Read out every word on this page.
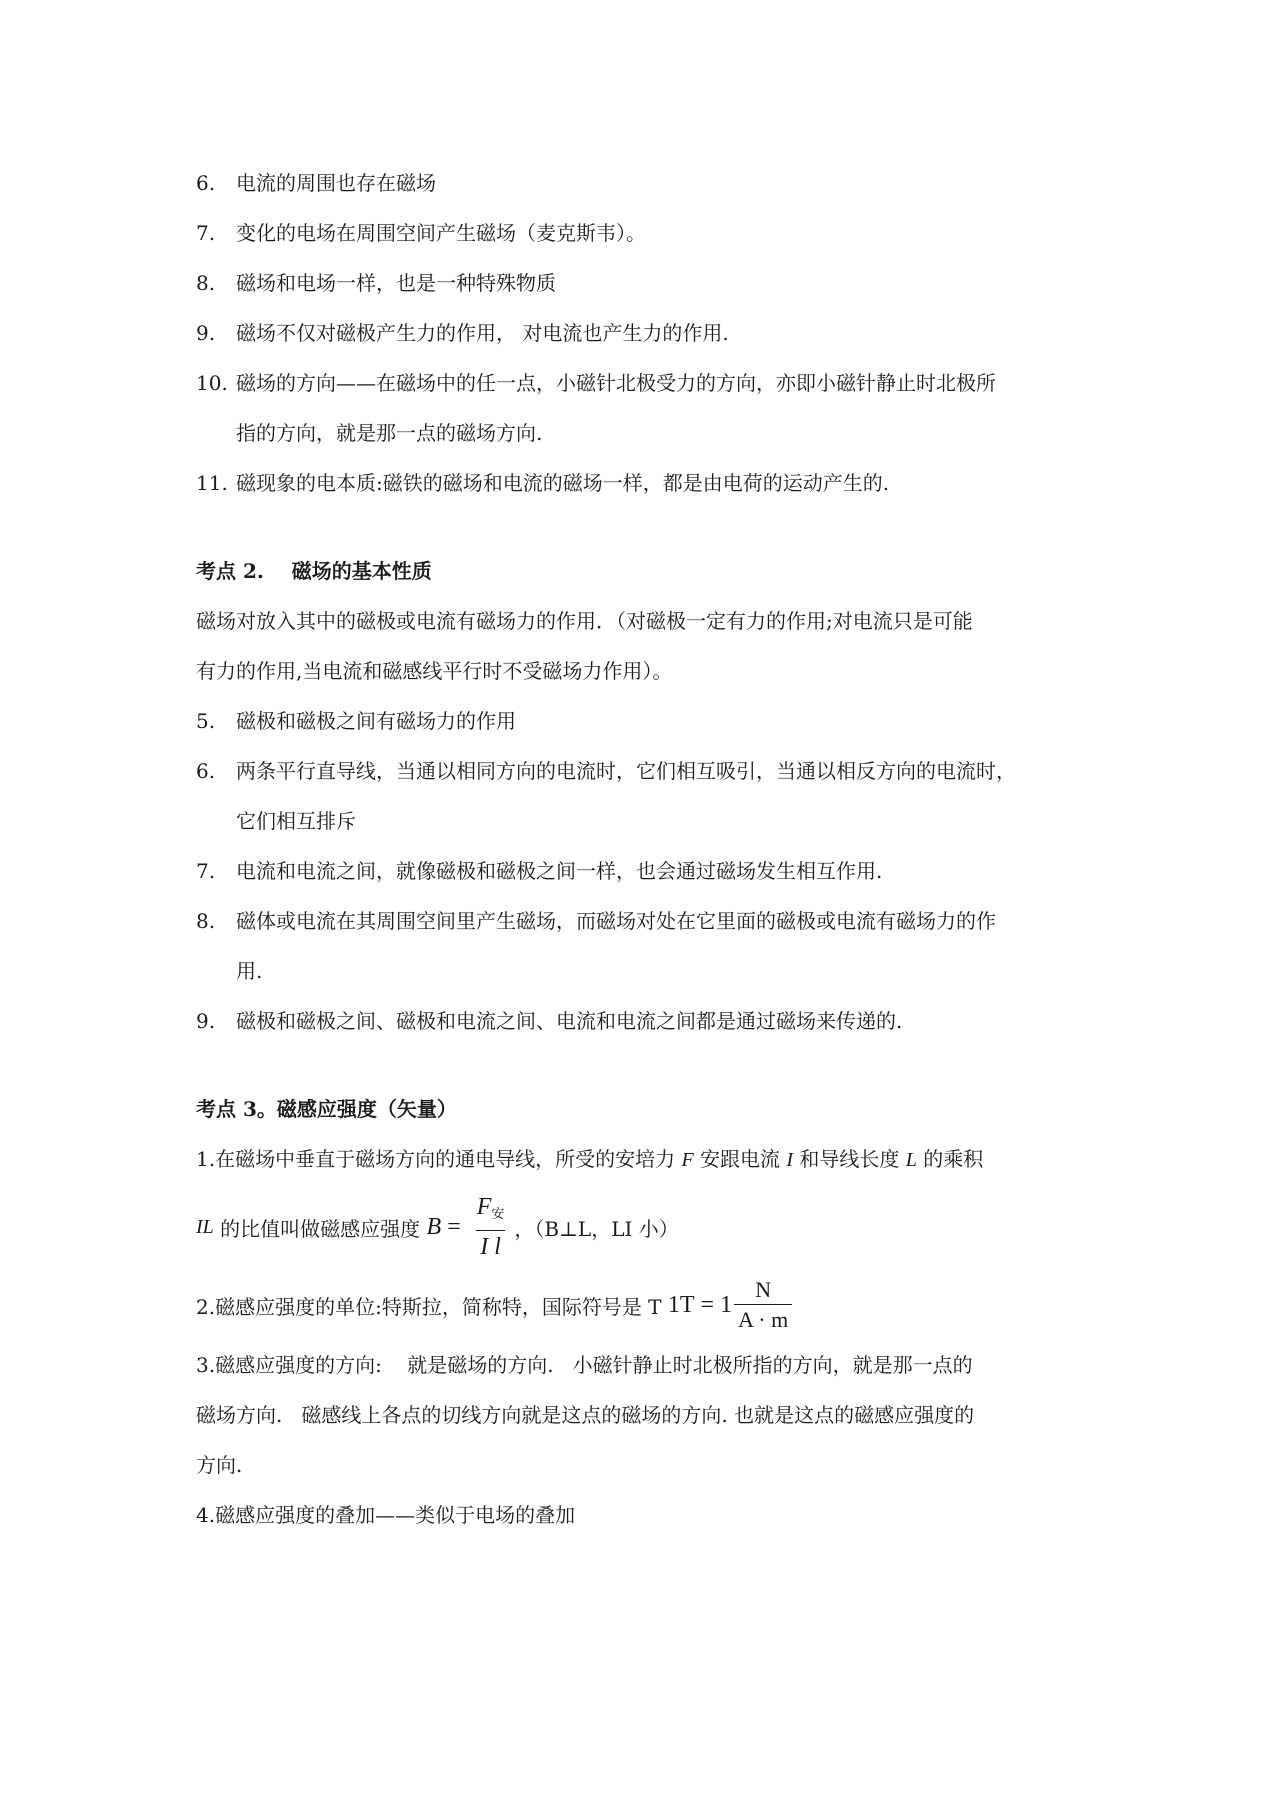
6.	电流的周围也存在磁场
7.	变化的电场在周围空间产生磁场（麦克斯韦）。
8.	磁场和电场一样，也是一种特殊物质
9.	磁场不仅对磁极产生力的作用， 对电流也产生力的作用.
10. 磁场的方向——在磁场中的任一点，小磁针北极受力的方向，亦即小磁针静止时北极所
指的方向，就是那一点的磁场方向.
11. 磁现象的电本质:磁铁的磁场和电流的磁场一样，都是由电荷的运动产生的.
考点 2.    磁场的基本性质
磁场对放入其中的磁极或电流有磁场力的作用．（对磁极一定有力的作用;对电流只是可能
有力的作用,当电流和磁感线平行时不受磁场力作用）。
5.	磁极和磁极之间有磁场力的作用
6.	两条平行直导线，当通以相同方向的电流时，它们相互吸引，当通以相反方向的电流时，
它们相互排斥
7.	电流和电流之间，就像磁极和磁极之间一样，也会通过磁场发生相互作用.
8.	磁体或电流在其周围空间里产生磁场，而磁场对处在它里面的磁极或电流有磁场力的作
用.
9.	磁极和磁极之间、磁极和电流之间、电流和电流之间都是通过磁场来传递的.
考点 3。磁感应强度（矢量）
1.在磁场中垂直于磁场方向的通电导线，所受的安培力 F 安跟电流 I 和导线长度 L 的乘积
IL 的比值叫做磁感应强度 $B = \frac{F_安}{\text{I l}}$ ，（B⊥L，LI 小）
2.磁感应强度的单位:特斯拉，简称特，国际符号是 T $1T = 1 \frac{N}{A \cdot m}$
3.磁感应强度的方向:    就是磁场的方向.   小磁针静止时北极所指的方向，就是那一点的
磁场方向.   磁感线上各点的切线方向就是这点的磁场的方向. 也就是这点的磁感应强度的
方向.
4.磁感应强度的叠加——类似于电场的叠加
